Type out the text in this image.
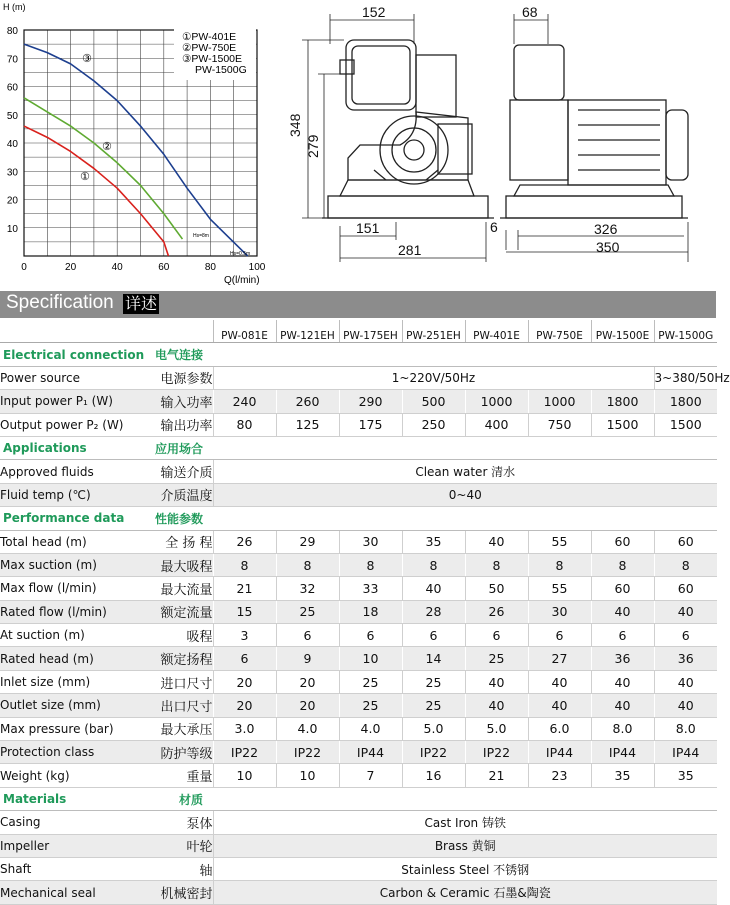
0	20	40	60	80	100
10
20
30
40
50
60
70
80
H (m)
Q(l/min)
①PW-401E
②PW-750E
③PW-1500E
PW-1500G
①
②
③
Hs=8m
Hs=0.5m
152
348
279
151
281
68
6	326
350
Specification 详述
		PW-081E	PW-121EH	PW-175EH	PW-251EH	PW-401E	PW-750E	PW-1500E	PW-1500G
Electrical connection	电气连接								
Power source	电源参数	1~220V/50Hz							3~380/50Hz
Input power P₁ (W)	输入功率	240	260	290	500	1000	1000	1800	1800
Output power P₂ (W)	输出功率	80	125	175	250	400	750	1500	1500
Applications	应用场合								
Approved fluids	输送介质	Clean water 清水							
Fluid temp (℃)	介质温度	0~40							
Performance data	性能参数								
Total head (m)	全 扬 程	26	29	30	35	40	55	60	60
Max suction (m)	最大吸程	8	8	8	8	8	8	8	8
Max flow (l/min)	最大流量	21	32	33	40	50	55	60	60
Rated flow (l/min)	额定流量	15	25	18	28	26	30	40	40
At suction (m)	吸程	3	6	6	6	6	6	6	6
Rated head (m)	额定扬程	6	9	10	14	25	27	36	36
Inlet size (mm)	进口尺寸	20	20	25	25	40	40	40	40
Outlet size (mm)	出口尺寸	20	20	25	25	40	40	40	40
Max pressure (bar)	最大承压	3.0	4.0	4.0	5.0	5.0	6.0	8.0	8.0
Protection class	防护等级	IP22	IP22	IP44	IP22	IP22	IP44	IP44	IP44
Weight (kg)	重量	10	10	7	16	21	23	35	35
Materials	材质								
Casing	泵体	Cast Iron 铸铁							
Impeller	叶轮	Brass 黄铜							
Shaft	轴	Stainless Steel 不锈钢							
Mechanical seal	机械密封	Carbon & Ceramic 石墨&陶瓷							
